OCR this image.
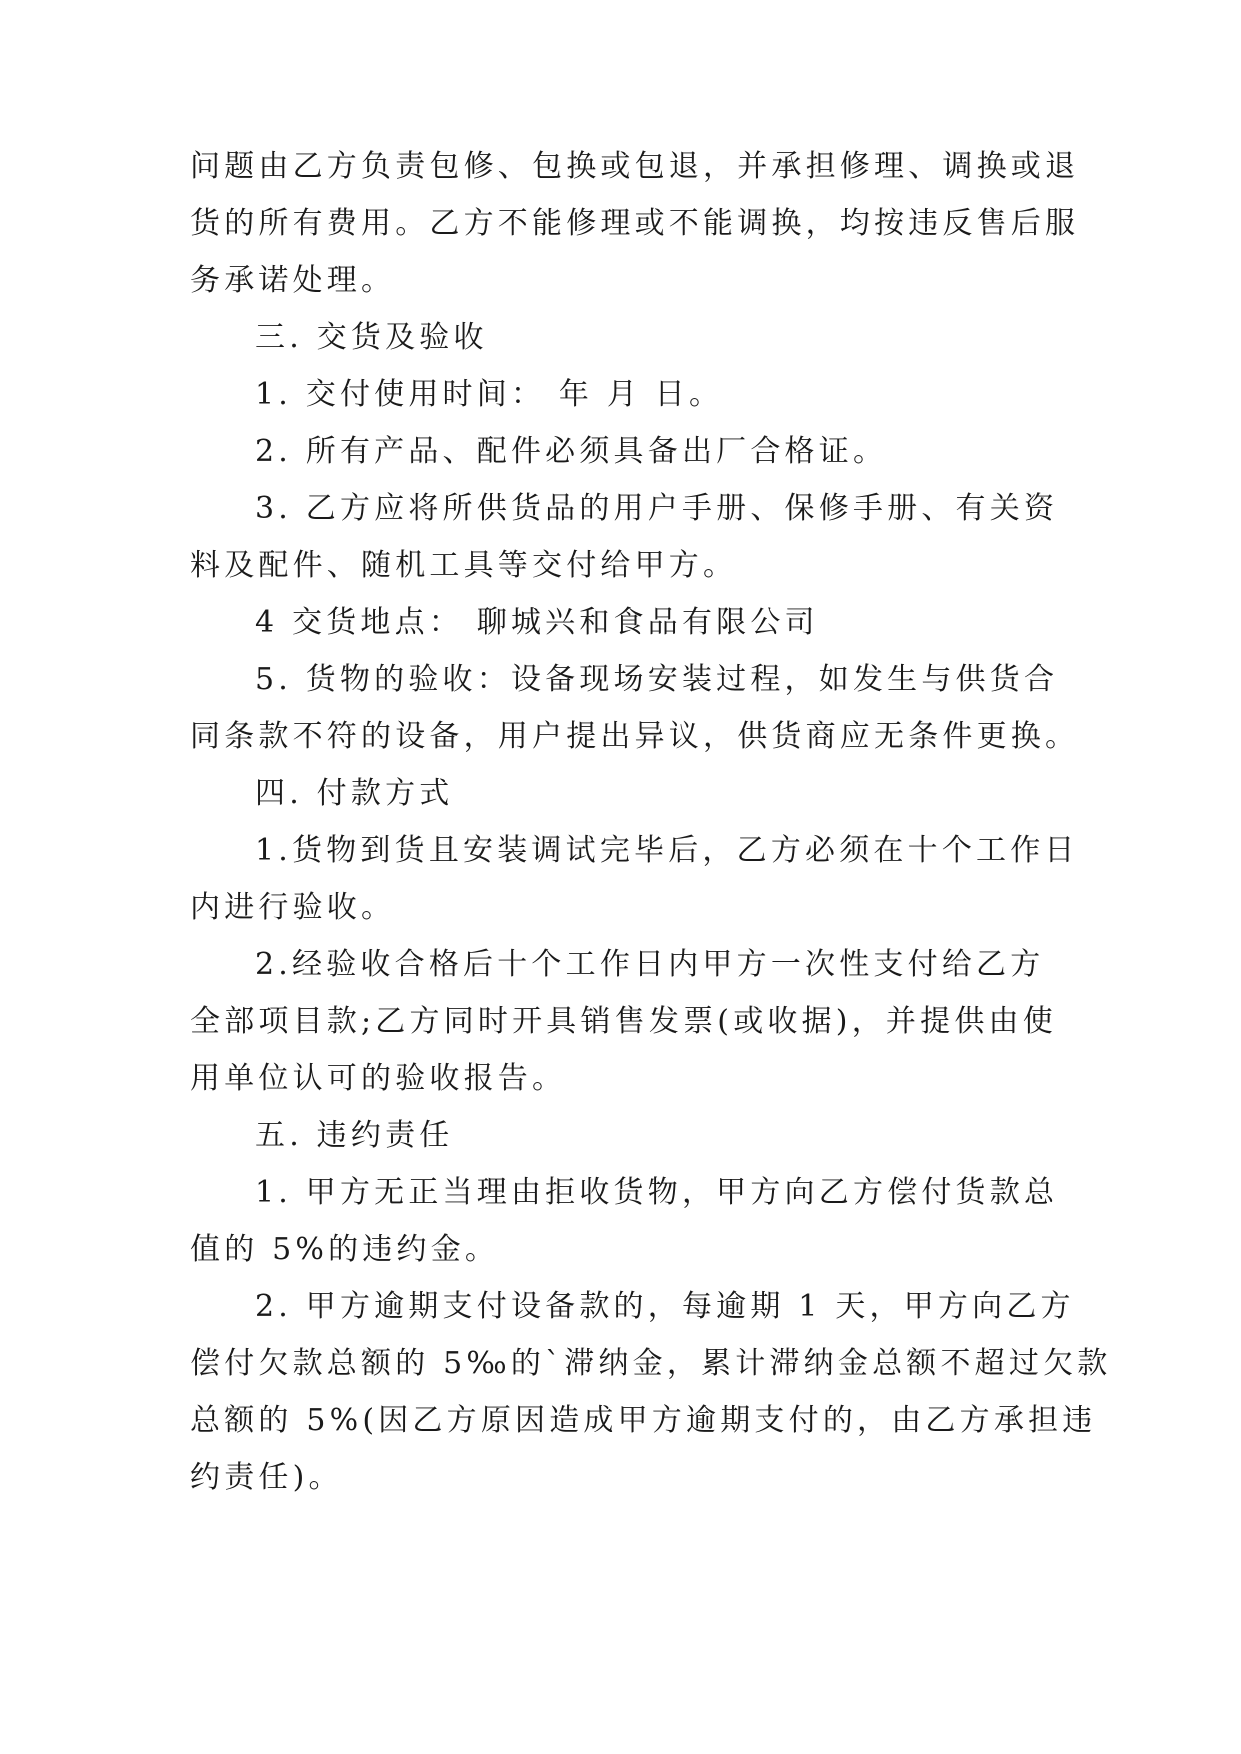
问题由乙方负责包修、包换或包退，并承担修理、调换或退
货的所有费用。乙方不能修理或不能调换，均按违反售后服
务承诺处理。
三. 交货及验收
1. 交付使用时间： 年 月 日。
2. 所有产品、配件必须具备出厂合格证。
3. 乙方应将所供货品的用户手册、保修手册、有关资
料及配件、随机工具等交付给甲方。
4 交货地点： 聊城兴和食品有限公司
5. 货物的验收：设备现场安装过程，如发生与供货合
同条款不符的设备，用户提出异议，供货商应无条件更换。
四. 付款方式
1.货物到货且安装调试完毕后，乙方必须在十个工作日
内进行验收。
2.经验收合格后十个工作日内甲方一次性支付给乙方
全部项目款;乙方同时开具销售发票(或收据)，并提供由使
用单位认可的验收报告。
五. 违约责任
1. 甲方无正当理由拒收货物，甲方向乙方偿付货款总
值的 5%的违约金。
2. 甲方逾期支付设备款的，每逾期 1 天，甲方向乙方
偿付欠款总额的 5‰的`滞纳金，累计滞纳金总额不超过欠款
总额的 5%(因乙方原因造成甲方逾期支付的，由乙方承担违
约责任)。
